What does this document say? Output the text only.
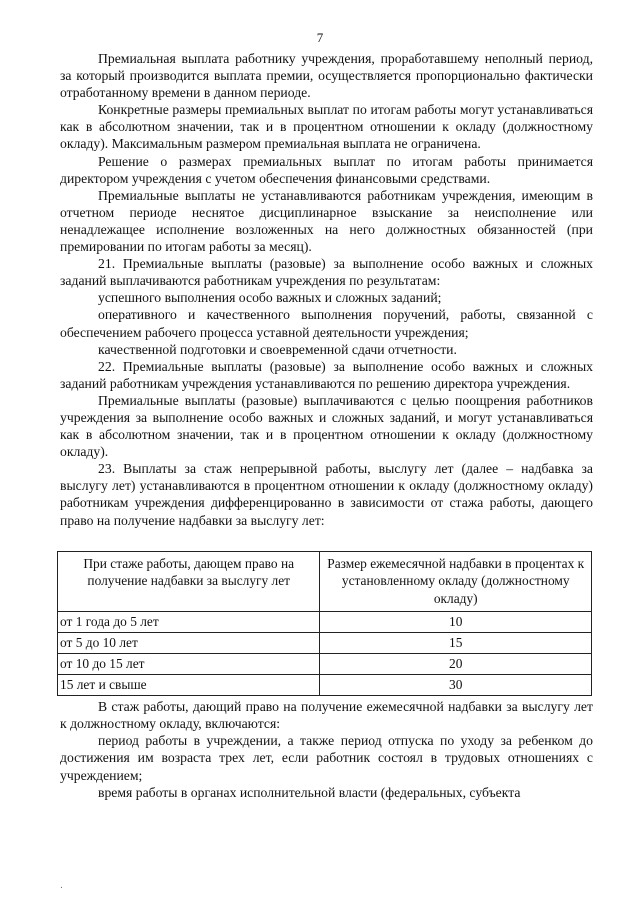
7

Премиальная выплата работнику учреждения, проработавшему неполный период, за который производится выплата премии, осуществляется пропорционально фактически отработанному времени в данном периоде.

Конкретные размеры премиальных выплат по итогам работы могут устанавливаться как в абсолютном значении, так и в процентном отношении к окладу (должностному окладу). Максимальным размером премиальная выплата не ограничена.

Решение о размерах премиальных выплат по итогам работы принимается директором учреждения с учетом обеспечения финансовыми средствами.

Премиальные выплаты не устанавливаются работникам учреждения, имеющим в отчетном периоде неснятое дисциплинарное взыскание за неисполнение или ненадлежащее исполнение возложенных на него должностных обязанностей (при премировании по итогам работы за месяц).

21. Премиальные выплаты (разовые) за выполнение особо важных и сложных заданий выплачиваются работникам учреждения по результатам:

успешного выполнения особо важных и сложных заданий;

оперативного и качественного выполнения поручений, работы, связанной с обеспечением рабочего процесса уставной деятельности учреждения;

качественной подготовки и своевременной сдачи отчетности.

22. Премиальные выплаты (разовые) за выполнение особо важных и сложных заданий работникам учреждения устанавливаются по решению директора учреждения.

Премиальные выплаты (разовые) выплачиваются с целью поощрения работников учреждения за выполнение особо важных и сложных заданий, и могут устанавливаться как в абсолютном значении, так и в процентном отношении к окладу (должностному окладу).

23. Выплаты за стаж непрерывной работы, выслугу лет (далее – надбавка за выслугу лет) устанавливаются в процентном отношении к окладу (должностному окладу) работникам учреждения дифференцированно в зависимости от стажа работы, дающего право на получение надбавки за выслугу лет:

При стаже работы, дающем право на получение надбавки за выслугу лет	Размер ежемесячной надбавки в процентах к установленному окладу (должностному окладу)
от 1 года до 5 лет	10
от 5 до 10 лет	15
от 10 до 15 лет	20
15 лет и свыше	30

В стаж работы, дающий право на получение ежемесячной надбавки за выслугу лет к должностному окладу, включаются:

период работы в учреждении, а также период отпуска по уходу за ребенком до достижения им возраста трех лет, если работник состоял в трудовых отношениях с учреждением;

время работы в органах исполнительной власти (федеральных, субъекта

․
